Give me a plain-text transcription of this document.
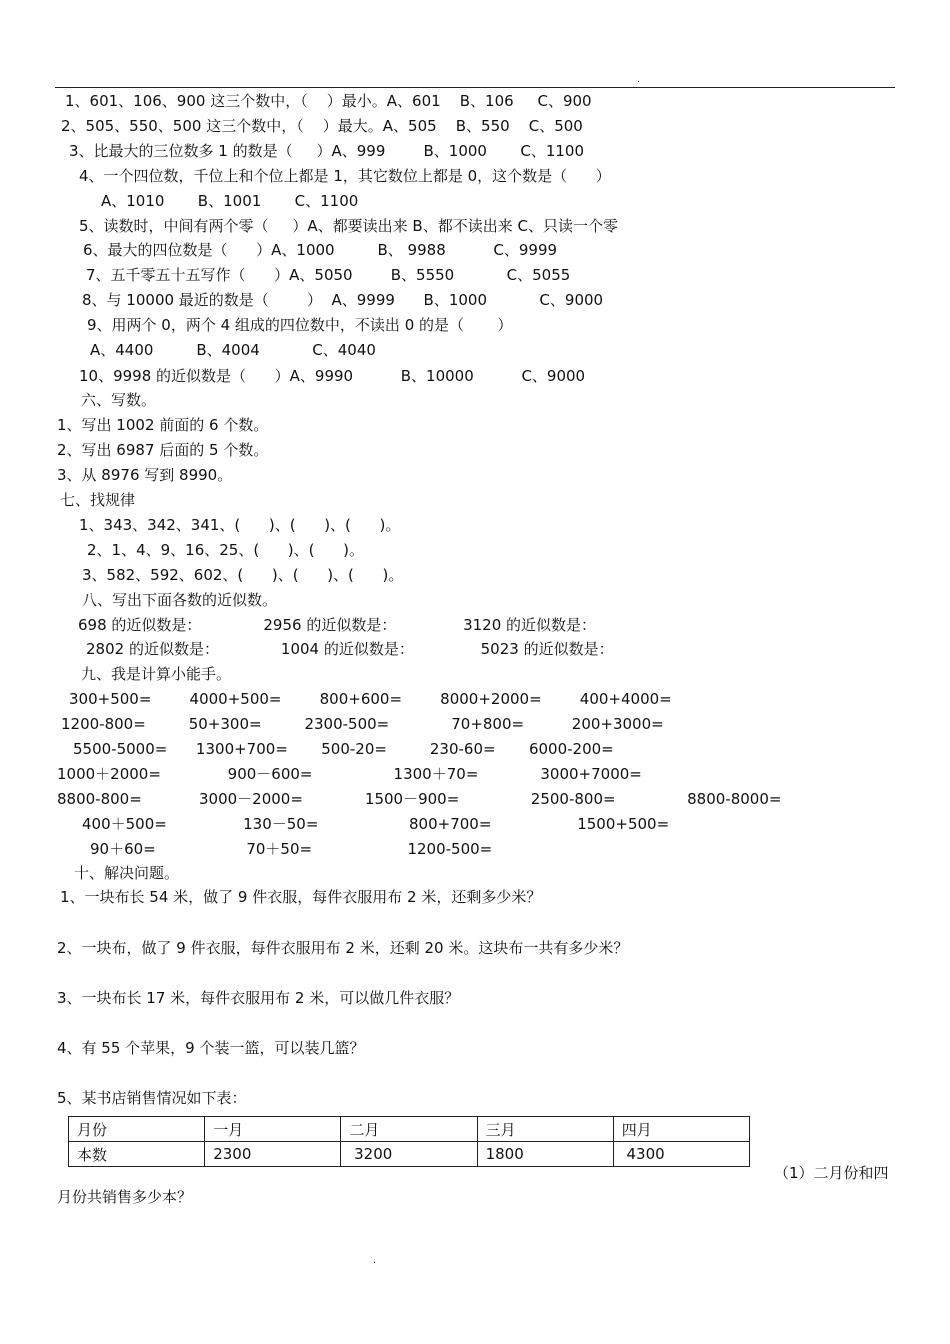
.
1、601、106、900 这三个数中，（    ）最小。A、601    B、106     C、900
2、505、550、500 这三个数中，（    ）最大。A、505    B、550    C、500
3、比最大的三位数多 1 的数是（     ）A、999        B、1000       C、1100
4、一个四位数，千位上和个位上都是 1，其它数位上都是 0，这个数是（      ）
A、1010       B、1001       C、1100
5、读数时，中间有两个零（     ）A、都要读出来 B、都不读出来 C、只读一个零
6、最大的四位数是（      ）A、1000         B、 9988          C、9999
7、五千零五十五写作（      ）A、5050        B、5550           C、5055
8、与 10000 最近的数是（        ）  A、9999      B、1000           C、9000
9、用两个 0，两个 4 组成的四位数中，不读出 0 的是（       ）
A、4400         B、4004           C、4040
10、9998 的近似数是（      ）A、9990          B、10000          C、9000
六、写数。
1、写出 1002 前面的 6 个数。
2、写出 6987 后面的 5 个数。
3、从 8976 写到 8990。
七、找规律
1、343、342、341、(      )、(      )、(      )。
2、1、4、9、16、25、(      )、(      )。
3、582、592、602、(      )、(      )、(      )。
八、写出下面各数的近似数。
698 的近似数是：             2956 的近似数是：              3120 的近似数是：
2802 的近似数是：             1004 的近似数是：              5023 的近似数是：
九、我是计算小能手。
300+500=        4000+500=        800+600=        8000+2000=        400+4000=
1200-800=         50+300=         2300-500=             70+800=          200+3000=
5500-5000=      1300+700=       500-20=         230-60=       6000-200=
1000＋2000=              900－600=                 1300＋70=             3000+7000=
8800-800=            3000－2000=             1500－900=               2500-800=               8800-8000=
400＋500=                130－50=                   800+700=                  1500+500=
90＋60=                   70＋50=                    1200-500=
十、解决问题。
1、一块布长 54 米，做了 9 件衣服，每件衣服用布 2 米，还剩多少米？
2、一块布，做了 9 件衣服，每件衣服用布 2 米，还剩 20 米。这块布一共有多少米？
3、一块布长 17 米，每件衣服用布 2 米，可以做几件衣服？
4、有 55 个苹果，9 个装一篮，可以装几篮？
5、某书店销售情况如下表：
月份	一月	二月	三月	四月
本数	2300	3200	1800	4300
（1）二月份和四
月份共销售多少本？
.
